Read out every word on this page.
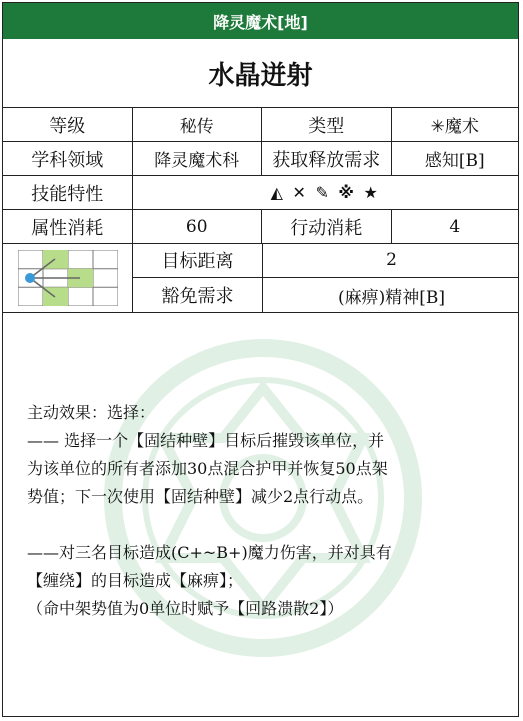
降灵魔术[地]
水晶迸射
等级	秘传	类型	✳魔术
学科领域	降灵魔术科	获取释放需求	感知[B]
技能特性	◭ ✕ ✎ ※ ★
属性消耗	60	行动消耗	4
目标距离	2
豁免需求	(麻痹)精神[B]

主动效果：选择：

—— 选择一个【固结种壁】目标后摧毁该单位，并

为该单位的所有者添加30点混合护甲并恢复50点架

势值；下一次使用【固结种壁】减少2点行动点。

——对三名目标造成(C+~B+)魔力伤害，并对具有

【缠绕】的目标造成【麻痹】；

（命中架势值为0单位时赋予【回路溃散2】）
